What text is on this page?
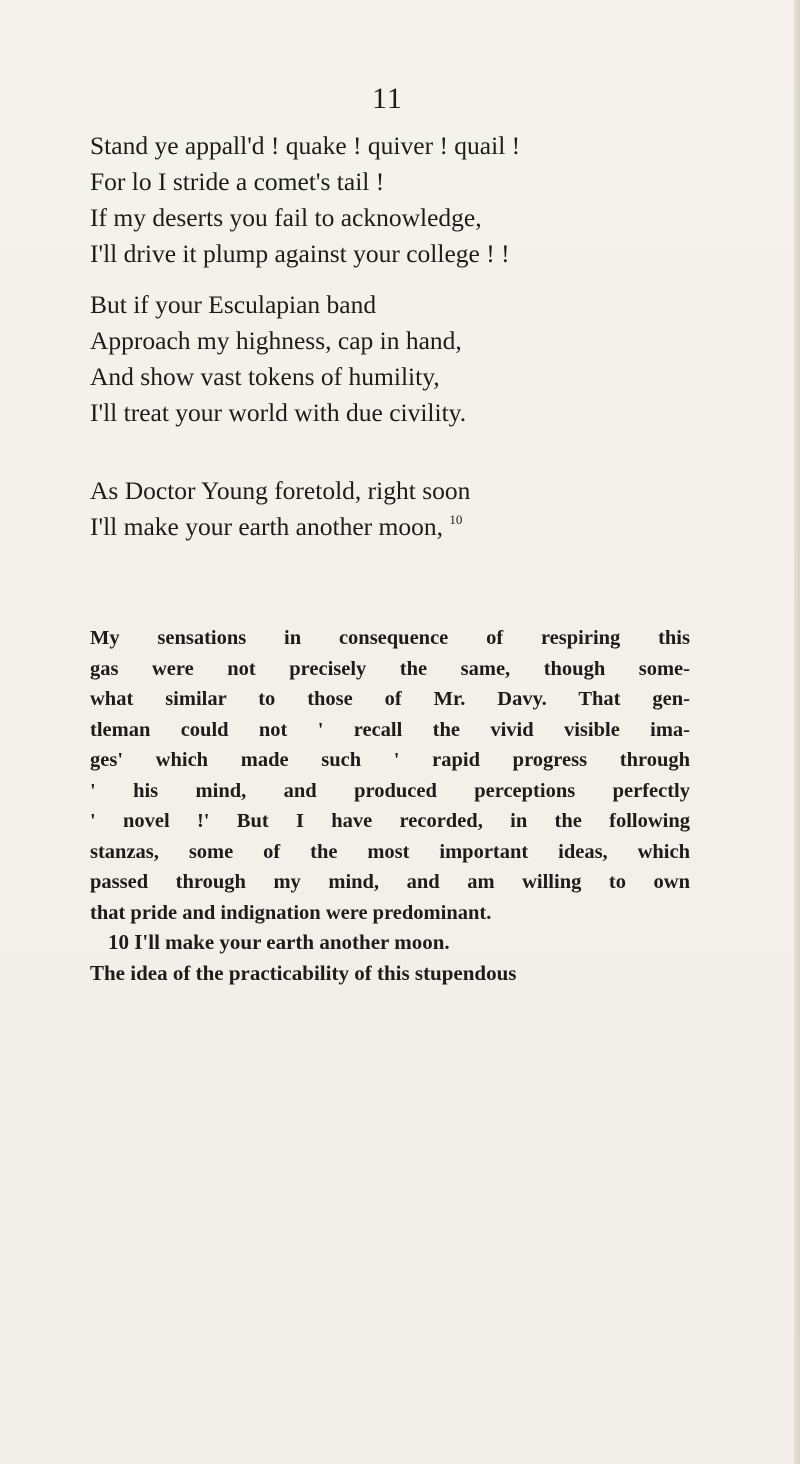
11
Stand ye appall'd ! quake ! quiver ! quail !
For lo I stride a comet's tail !
If my deserts you fail to acknowledge,
I'll drive it plump against your college ! !
But if your Esculapian band
Approach my highness, cap in hand,
And show vast tokens of humility,
I'll treat your world with due civility.
As Doctor Young foretold, right soon
I'll make your earth another moon, $^{10}$
My sensations in consequence of respiring this
gas were not precisely the same, though some-
what similar to those of Mr. Davy. That gen-
tleman could not ' recall the vivid visible ima-
ges' which made such ' rapid progress through
' his mind, and produced perceptions perfectly
' novel !' But I have recorded, in the following
stanzas, some of the most important ideas, which
passed through my mind, and am willing to own
that pride and indignation were predominant.
10 I'll make your earth another moon.
The idea of the practicability of this stupendous
